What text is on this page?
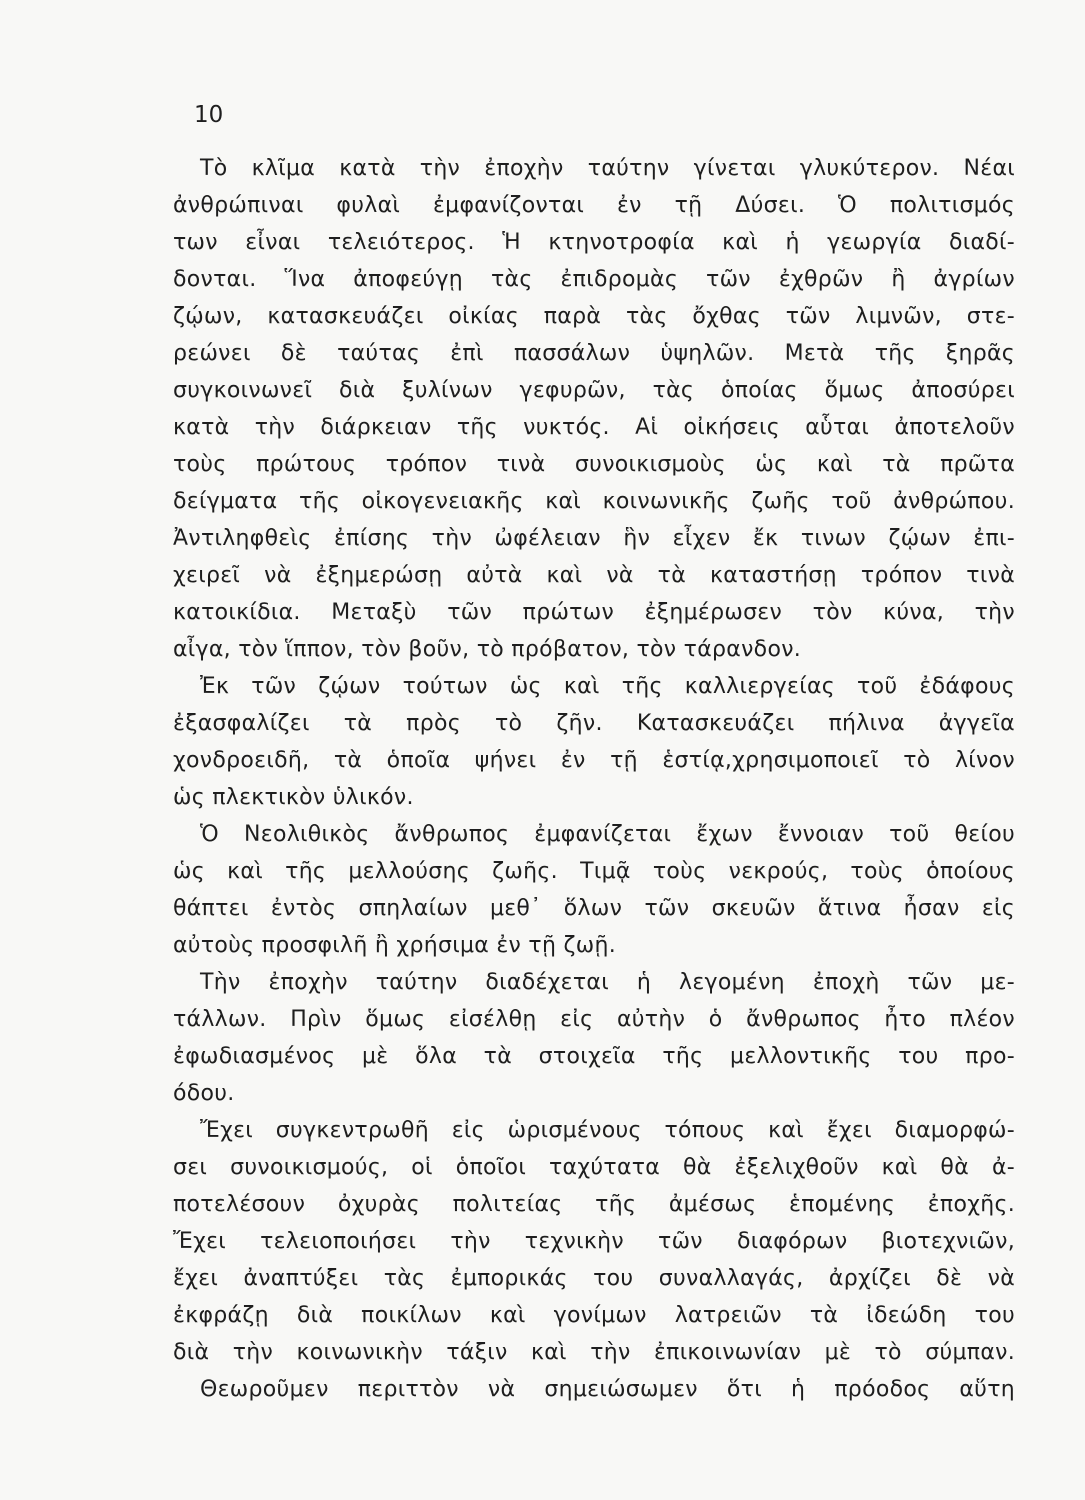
10
Τὸ κλῖμα κατὰ τὴν ἐποχὴν ταύτην γίνεται γλυκύτερον. Νέαι
ἀνθρώπιναι φυλαὶ ἐμφανίζονται ἐν τῇ Δύσει. Ὁ πολιτισμός
των εἶναι τελειότερος. Ἡ κτηνοτροφία καὶ ἡ γεωργία διαδί-
δονται. Ἵνα ἀποφεύγῃ τὰς ἐπιδρομὰς τῶν ἐχθρῶν ἢ ἀγρίων
ζῴων, κατασκευάζει οἰκίας παρὰ τὰς ὄχθας τῶν λιμνῶν, στε-
ρεώνει δὲ ταύτας ἐπὶ πασσάλων ὑψηλῶν. Μετὰ τῆς ξηρᾶς
συγκοινωνεῖ διὰ ξυλίνων γεφυρῶν, τὰς ὁποίας ὅμως ἀποσύρει
κατὰ τὴν διάρκειαν τῆς νυκτός. Αἱ οἰκήσεις αὗται ἀποτελοῦν
τοὺς πρώτους τρόπον τινὰ συνοικισμοὺς ὡς καὶ τὰ πρῶτα
δείγματα τῆς οἰκογενειακῆς καὶ κοινωνικῆς ζωῆς τοῦ ἀνθρώπου.
Ἀντιληφθεὶς ἐπίσης τὴν ὠφέλειαν ἣν εἶχεν ἔκ τινων ζῴων ἐπι-
χειρεῖ νὰ ἐξημερώσῃ αὐτὰ καὶ νὰ τὰ καταστήσῃ τρόπον τινὰ
κατοικίδια. Μεταξὺ τῶν πρώτων ἐξημέρωσεν τὸν κύνα, τὴν
αἶγα, τὸν ἵππον, τὸν βοῦν, τὸ πρόβατον, τὸν τάρανδον.
Ἐκ τῶν ζῴων τούτων ὡς καὶ τῆς καλλιεργείας τοῦ ἐδάφους
ἐξασφαλίζει τὰ πρὸς τὸ ζῆν. Κατασκευάζει πήλινα ἀγγεῖα
χονδροειδῆ, τὰ ὁποῖα ψήνει ἐν τῇ ἑστίᾳ,χρησιμοποιεῖ τὸ λίνον
ὡς πλεκτικὸν ὑλικόν.
Ὁ Νεολιθικὸς ἄνθρωπος ἐμφανίζεται ἔχων ἔννοιαν τοῦ θείου
ὡς καὶ τῆς μελλούσης ζωῆς. Τιμᾷ τοὺς νεκρούς, τοὺς ὁποίους
θάπτει ἐντὸς σπηλαίων μεθ᾿ ὅλων τῶν σκευῶν ἅτινα ἦσαν εἰς
αὐτοὺς προσφιλῆ ἢ χρήσιμα ἐν τῇ ζωῇ.
Τὴν ἐποχὴν ταύτην διαδέχεται ἡ λεγομένη ἐποχὴ τῶν με-
τάλλων. Πρὶν ὅμως εἰσέλθῃ εἰς αὐτὴν ὁ ἄνθρωπος ἦτο πλέον
ἐφωδιασμένος μὲ ὅλα τὰ στοιχεῖα τῆς μελλοντικῆς του προ-
όδου.
Ἔχει συγκεντρωθῆ εἰς ὡρισμένους τόπους καὶ ἔχει διαμορφώ-
σει συνοικισμούς, οἱ ὁποῖοι ταχύτατα θὰ ἐξελιχθοῦν καὶ θὰ ἀ-
ποτελέσουν ὀχυρὰς πολιτείας τῆς ἀμέσως ἑπομένης ἐποχῆς.
Ἔχει τελειοποιήσει τὴν τεχνικὴν τῶν διαφόρων βιοτεχνιῶν,
ἔχει ἀναπτύξει τὰς ἐμπορικάς του συναλλαγάς, ἀρχίζει δὲ νὰ
ἐκφράζῃ διὰ ποικίλων καὶ γονίμων λατρειῶν τὰ ἰδεώδη του
διὰ τὴν κοινωνικὴν τάξιν καὶ τὴν ἐπικοινωνίαν μὲ τὸ σύμπαν.
Θεωροῦμεν περιττὸν νὰ σημειώσωμεν ὅτι ἡ πρόοδος αὕτη
